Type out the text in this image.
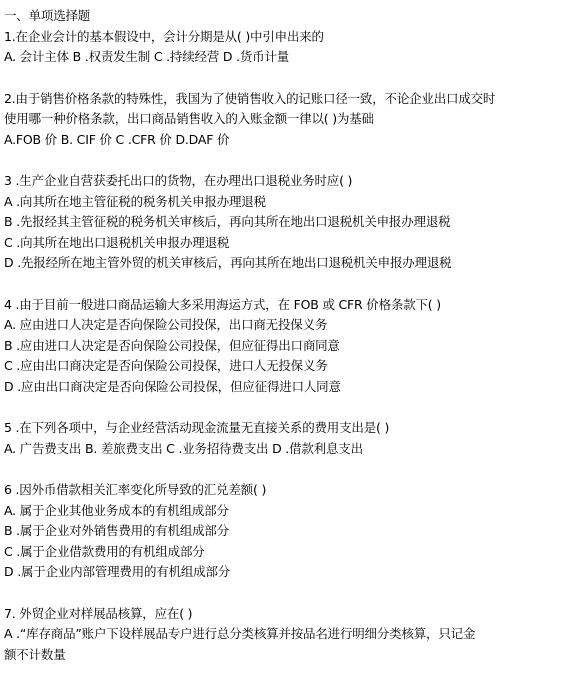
一、单项选择题
1.在企业会计的基本假设中，会计分期是从( )中引申出来的
A. 会计主体 B .权责发生制 C .持续经营 D .货币计量
2.由于销售价格条款的特殊性，我国为了使销售收入的记账口径一致，不论企业出口成交时
使用哪一种价格条款，出口商品销售收入的入账金额一律以( )为基础
A.FOB 价 B. CIF 价 C .CFR 价 D.DAF 价
3 .生产企业自营获委托出口的货物，在办理出口退税业务时应( )
A .向其所在地主管征税的税务机关申报办理退税
B .先报经其主管征税的税务机关审核后，再向其所在地出口退税机关申报办理退税
C .向其所在地出口退税机关申报办理退税
D .先报经所在地主管外贸的机关审核后，再向其所在地出口退税机关申报办理退税
4 .由于目前一般进口商品运输大多采用海运方式，在 FOB 或 CFR 价格条款下( )
A. 应由进口人决定是否向保险公司投保，出口商无投保义务
B .应由进口人决定是否向保险公司投保，但应征得出口商同意
C .应由出口商决定是否向保险公司投保，进口人无投保义务
D .应由出口商决定是否向保险公司投保，但应征得进口人同意
5 .在下列各项中，与企业经营活动现金流量无直接关系的费用支出是( )
A. 广告费支出 B. 差旅费支出 C .业务招待费支出 D .借款利息支出
6 .因外币借款相关汇率变化所导致的汇兑差额( )
A. 属于企业其他业务成本的有机组成部分
B .属于企业对外销售费用的有机组成部分
C .属于企业借款费用的有机组成部分
D .属于企业内部管理费用的有机组成部分
7. 外贸企业对样展品核算，应在( )
A .“库存商品”账户下设样展品专户进行总分类核算并按品名进行明细分类核算，只记金
额不计数量
